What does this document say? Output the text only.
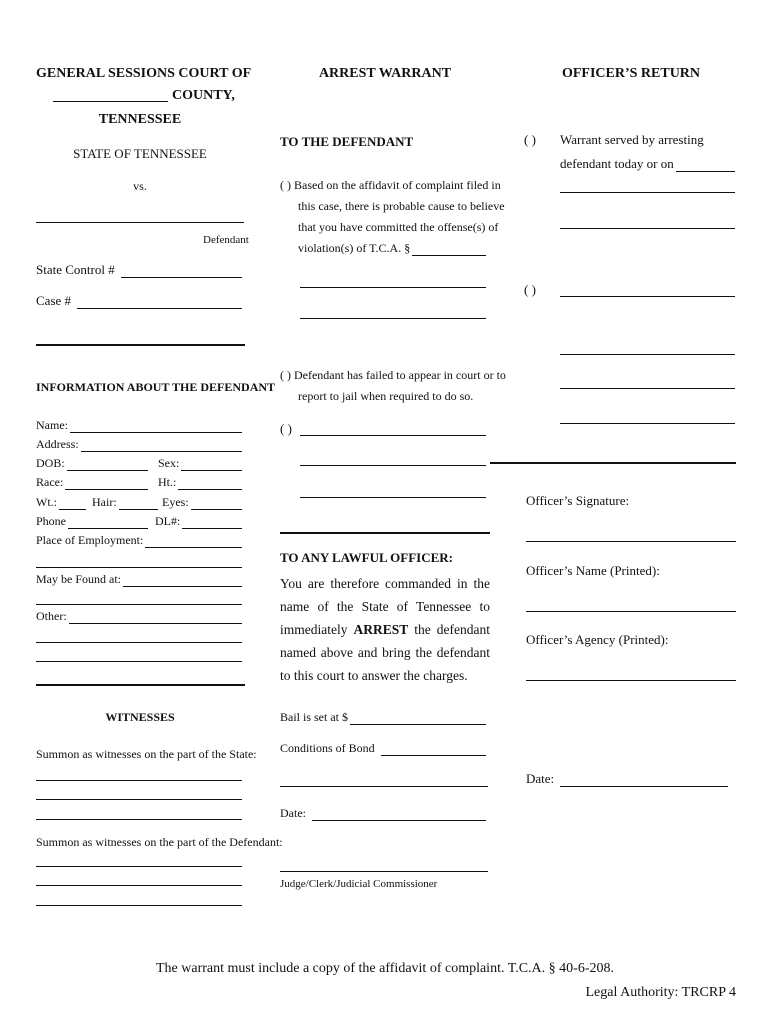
GENERAL SESSIONS COURT OF
COUNTY,
TENNESSEE
STATE OF TENNESSEE
vs.
Defendant
State Control #
Case #
INFORMATION ABOUT THE DEFENDANT
Name:
Address:
DOB:	Sex:
Race:	Ht.:
Wt.:	Hair:	Eyes:
Phone	DL#:
Place of Employment:
May be Found at:
Other:
WITNESSES
Summon as witnesses on the part of the State:
Summon as witnesses on the part of the Defendant:
ARREST WARRANT
TO THE DEFENDANT
( ) Based on the affidavit of complaint filed in
this case, there is probable cause to believe
that you have committed the offense(s) of
violation(s) of T.C.A. §
( ) Defendant has failed to appear in court or to
report to jail when required to do so.
( )
TO ANY LAWFUL OFFICER:
You are therefore commanded in the name of the State of Tennessee to immediately ARREST the defendant named above and bring the defendant to this court to answer the charges.
Bail is set at $
Conditions of Bond
Date:
Judge/Clerk/Judicial Commissioner
OFFICER’S RETURN
( ) Warrant served by arresting
defendant today or on
( )
Officer’s Signature:
Officer’s Name (Printed):
Officer’s Agency (Printed):
Date:
The warrant must include a copy of the affidavit of complaint. T.C.A. § 40-6-208.
Legal Authority: TRCRP 4
